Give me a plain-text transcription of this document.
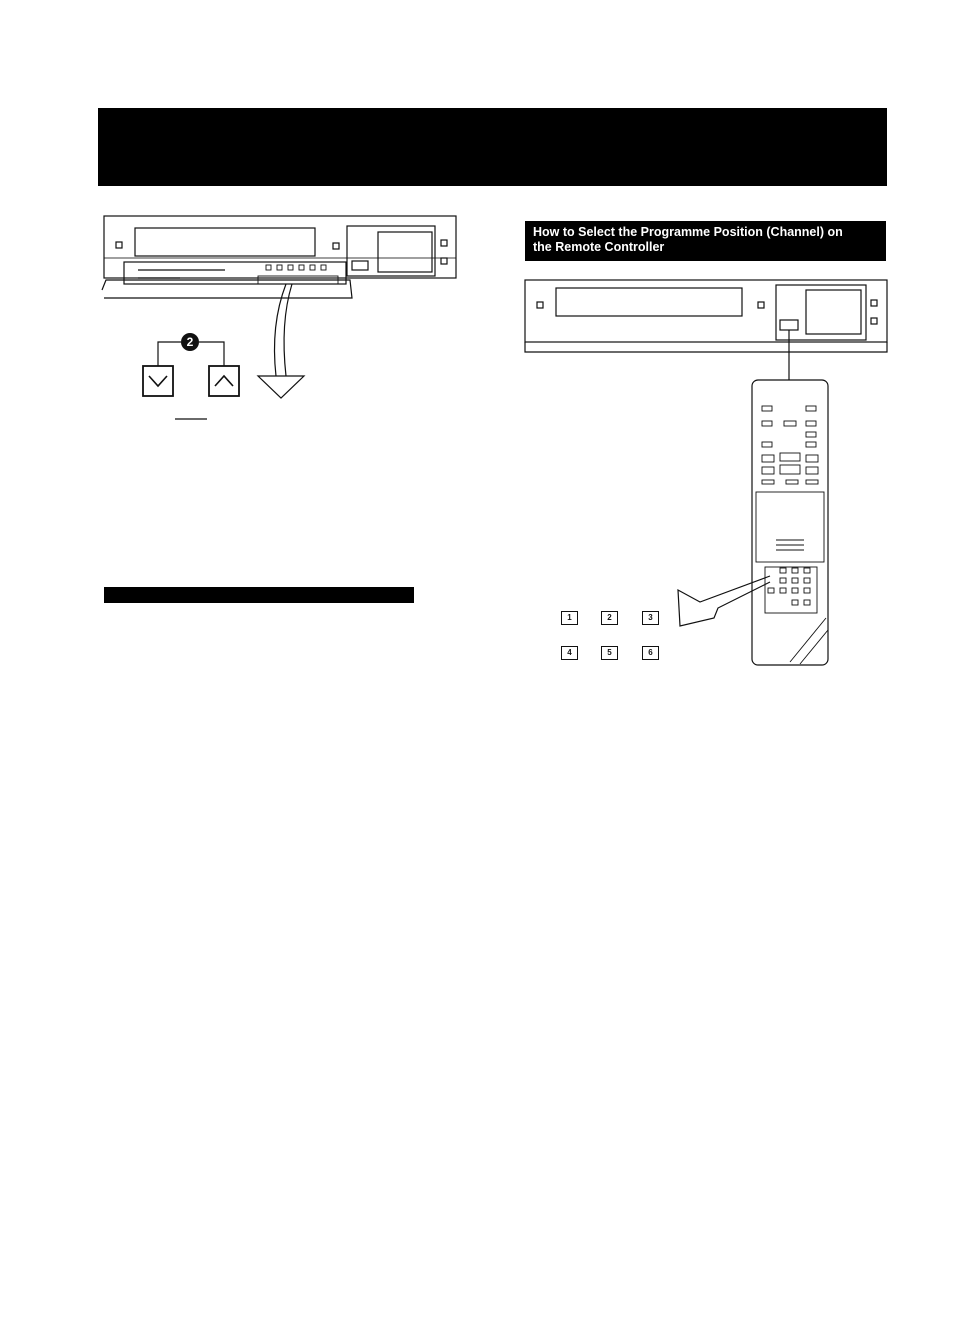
2
How to Select the Programme Position (Channel) on
the Remote Controller
1	2	3
4	5	6
